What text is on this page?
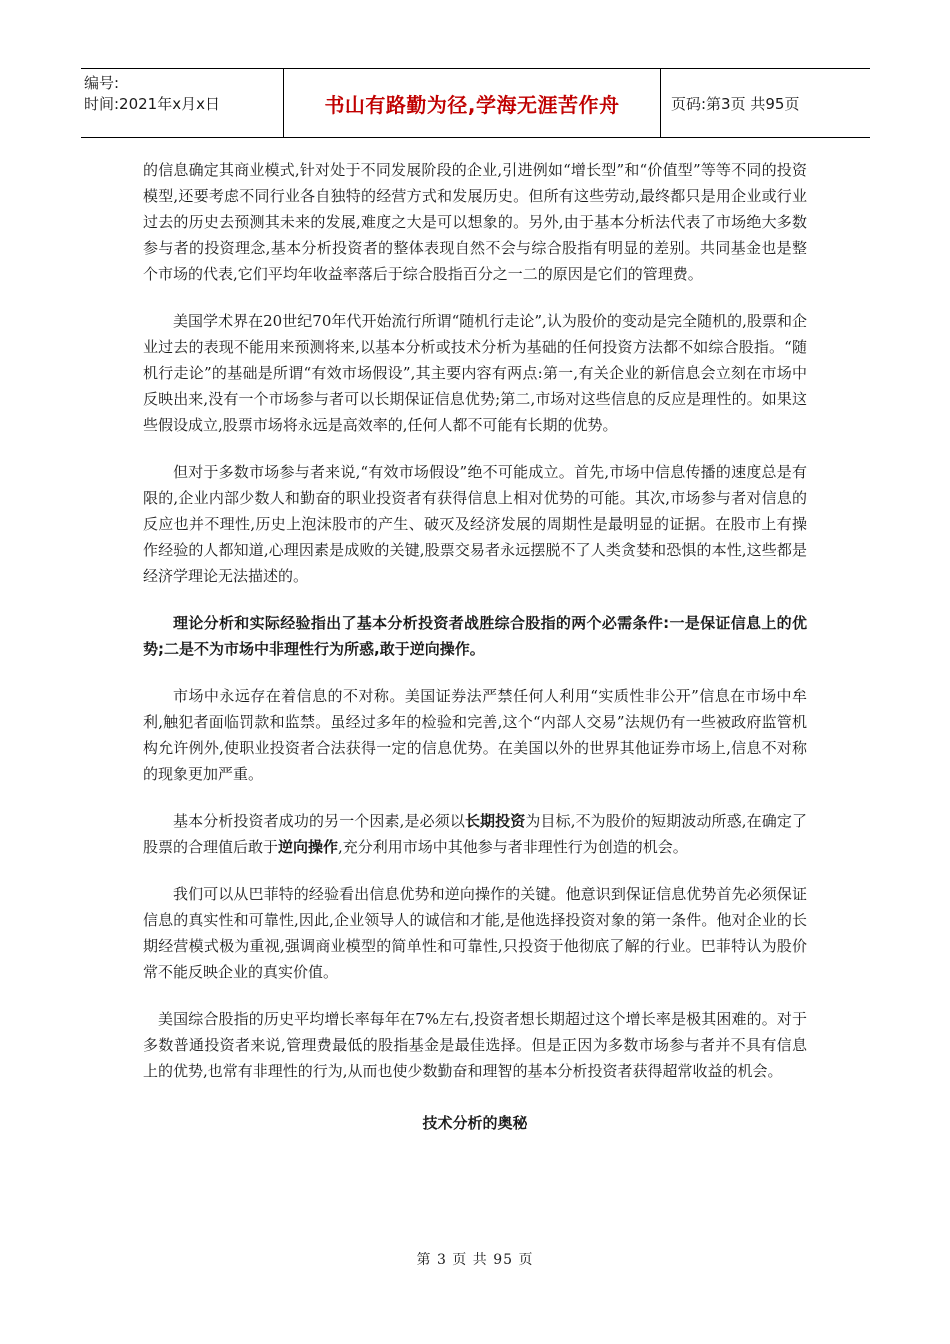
编号:
时间:2021年x月x日	书山有路勤为径,学海无涯苦作舟	页码:第3页 共95页

的信息确定其商业模式,针对处于不同发展阶段的企业,引进例如“增长型”和“价值型”等等不同的投资模型,还要考虑不同行业各自独特的经营方式和发展历史。但所有这些劳动,最终都只是用企业或行业过去的历史去预测其未来的发展,难度之大是可以想象的。另外,由于基本分析法代表了市场绝大多数参与者的投资理念,基本分析投资者的整体表现自然不会与综合股指有明显的差别。共同基金也是整个市场的代表,它们平均年收益率落后于综合股指百分之一二的原因是它们的管理费。

美国学术界在20世纪70年代开始流行所谓“随机行走论”,认为股价的变动是完全随机的,股票和企业过去的表现不能用来预测将来,以基本分析或技术分析为基础的任何投资方法都不如综合股指。“随机行走论”的基础是所谓“有效市场假设”,其主要内容有两点:第一,有关企业的新信息会立刻在市场中反映出来,没有一个市场参与者可以长期保证信息优势;第二,市场对这些信息的反应是理性的。如果这些假设成立,股票市场将永远是高效率的,任何人都不可能有长期的优势。

但对于多数市场参与者来说,“有效市场假设”绝不可能成立。首先,市场中信息传播的速度总是有限的,企业内部少数人和勤奋的职业投资者有获得信息上相对优势的可能。其次,市场参与者对信息的反应也并不理性,历史上泡沫股市的产生、破灭及经济发展的周期性是最明显的证据。在股市上有操作经验的人都知道,心理因素是成败的关键,股票交易者永远摆脱不了人类贪婪和恐惧的本性,这些都是经济学理论无法描述的。

理论分析和实际经验指出了基本分析投资者战胜综合股指的两个必需条件:一是保证信息上的优势;二是不为市场中非理性行为所惑,敢于逆向操作。

市场中永远存在着信息的不对称。美国证券法严禁任何人利用“实质性非公开”信息在市场中牟利,触犯者面临罚款和监禁。虽经过多年的检验和完善,这个“内部人交易”法规仍有一些被政府监管机构允许例外,使职业投资者合法获得一定的信息优势。在美国以外的世界其他证券市场上,信息不对称的现象更加严重。

基本分析投资者成功的另一个因素,是必须以长期投资为目标,不为股价的短期波动所惑,在确定了股票的合理值后敢于逆向操作,充分利用市场中其他参与者非理性行为创造的机会。

我们可以从巴菲特的经验看出信息优势和逆向操作的关键。他意识到保证信息优势首先必须保证信息的真实性和可靠性,因此,企业领导人的诚信和才能,是他选择投资对象的第一条件。他对企业的长期经营模式极为重视,强调商业模型的简单性和可靠性,只投资于他彻底了解的行业。巴菲特认为股价常不能反映企业的真实价值。

美国综合股指的历史平均增长率每年在7%左右,投资者想长期超过这个增长率是极其困难的。对于多数普通投资者来说,管理费最低的股指基金是最佳选择。但是正因为多数市场参与者并不具有信息上的优势,也常有非理性的行为,从而也使少数勤奋和理智的基本分析投资者获得超常收益的机会。

技术分析的奥秘

第 3 页 共 95 页
